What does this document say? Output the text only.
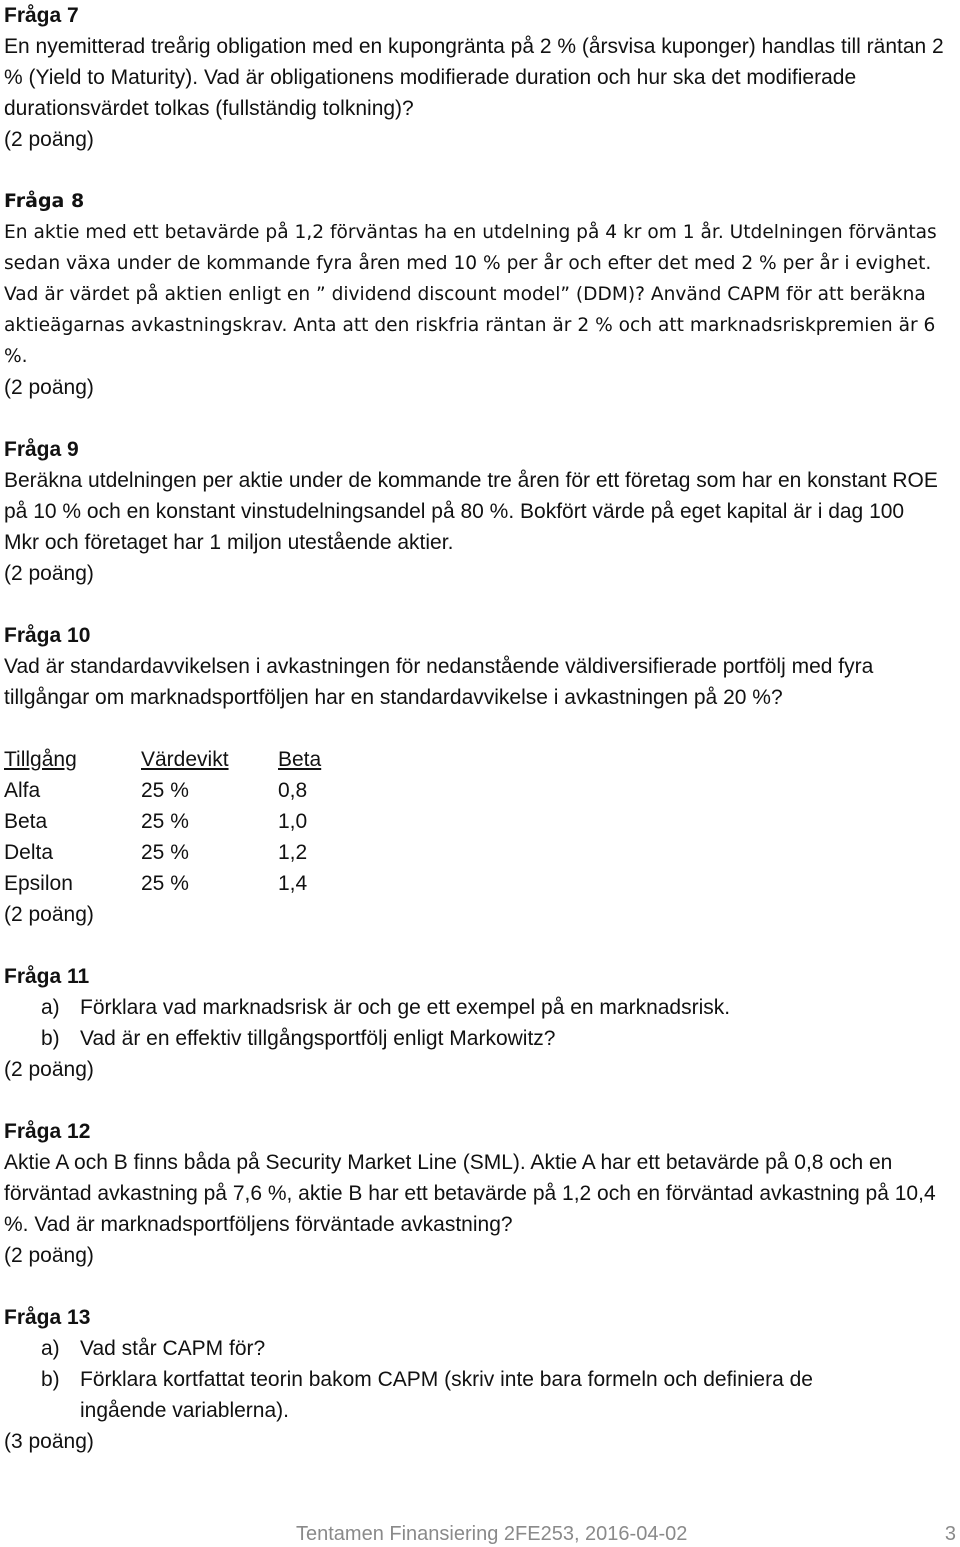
Fråga 7

En nyemitterad treårig obligation med en kupongränta på 2 % (årsvisa kuponger) handlas till räntan 2 % (Yield to Maturity). Vad är obligationens modifierade duration och hur ska det modifierade durationsvärdet tolkas (fullständig tolkning)?

(2 poäng)

Fråga 8

En aktie med ett betavärde på 1,2 förväntas ha en utdelning på 4 kr om 1 år. Utdelningen förväntas sedan växa under de kommande fyra åren med 10 % per år och efter det med 2 % per år i evighet. Vad är värdet på aktien enligt en ” dividend discount model” (DDM)? Använd CAPM för att beräkna aktieägarnas avkastningskrav. Anta att den riskfria räntan är 2 % och att marknadsriskpremien är 6 %.

(2 poäng)

Fråga 9

Beräkna utdelningen per aktie under de kommande tre åren för ett företag som har en konstant ROE på 10 % och en konstant vinstudelningsandel på 80 %. Bokfört värde på eget kapital är i dag 100 Mkr och företaget har 1 miljon utestående aktier.

(2 poäng)

Fråga 10

Vad är standardavvikelsen i avkastningen för nedanstående väldiversifierade portfölj med fyra tillgångar om marknadsportföljen har en standardavvikelse i avkastningen på 20 %?

Tillgång	Värdevikt	Beta
Alfa	25 %	0,8
Beta	25 %	1,0
Delta	25 %	1,2
Epsilon	25 %	1,4

(2 poäng)

Fråga 11

a) Förklara vad marknadsrisk är och ge ett exempel på en marknadsrisk.
b) Vad är en effektiv tillgångsportfölj enligt Markowitz?

(2 poäng)

Fråga 12

Aktie A och B finns båda på Security Market Line (SML). Aktie A har ett betavärde på 0,8 och en förväntad avkastning på 7,6 %, aktie B har ett betavärde på 1,2 och en förväntad avkastning på 10,4 %. Vad är marknadsportföljens förväntade avkastning?

(2 poäng)

Fråga 13

a) Vad står CAPM för?
b) Förklara kortfattat teorin bakom CAPM (skriv inte bara formeln och definiera de ingående variablerna).

(3 poäng)

Tentamen Finansiering 2FE253, 2016-04-02	3
